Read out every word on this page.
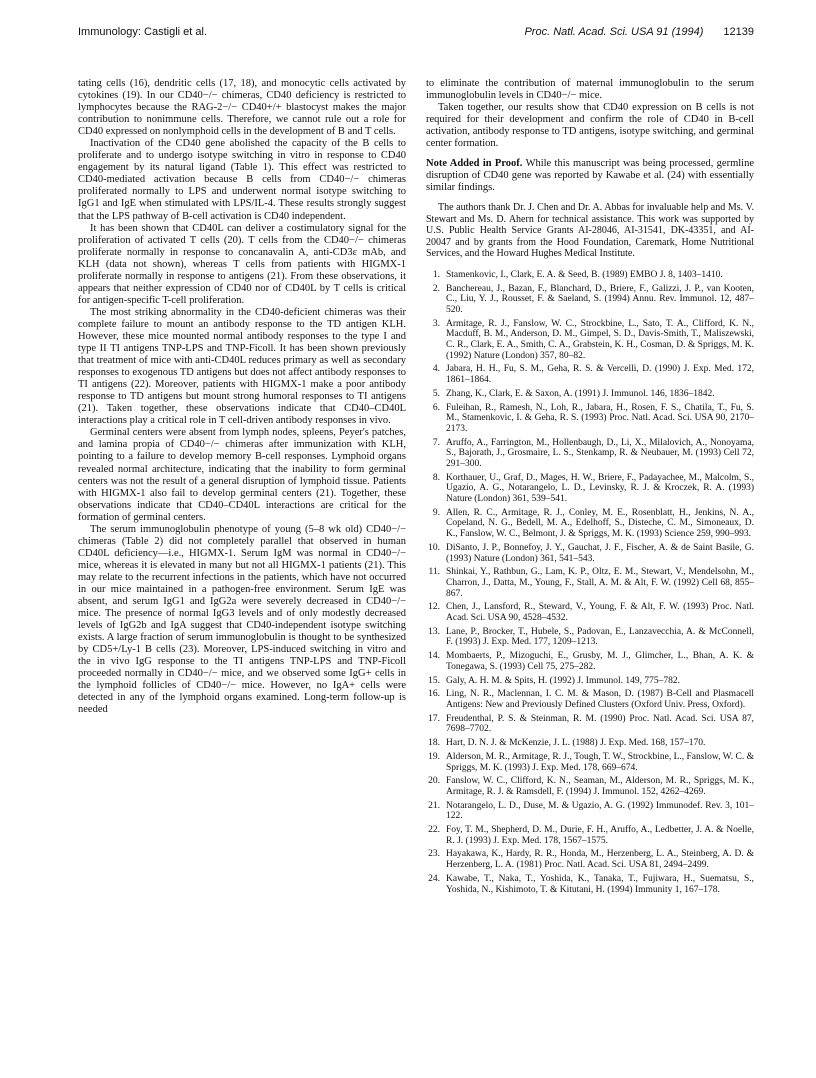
Immunology: Castigli et al.	Proc. Natl. Acad. Sci. USA 91 (1994) 12139

tating cells (16), dendritic cells (17, 18), and monocytic cells activated by cytokines (19). In our CD40−/− chimeras, CD40 deficiency is restricted to lymphocytes because the RAG-2−/− CD40+/+ blastocyst makes the major contribution to nonimmune cells. Therefore, we cannot rule out a role for CD40 expressed on nonlymphoid cells in the development of B and T cells.

Inactivation of the CD40 gene abolished the capacity of the B cells to proliferate and to undergo isotype switching in vitro in response to CD40 engagement by its natural ligand (Table 1). This effect was restricted to CD40-mediated activation because B cells from CD40−/− chimeras proliferated normally to LPS and underwent normal isotype switching to IgG1 and IgE when stimulated with LPS/IL-4. These results strongly suggest that the LPS pathway of B-cell activation is CD40 independent.

It has been shown that CD40L can deliver a costimulatory signal for the proliferation of activated T cells (20). T cells from the CD40−/− chimeras proliferate normally in response to concanavalin A, anti-CD3ε mAb, and KLH (data not shown), whereas T cells from patients with HIGMX-1 proliferate normally in response to antigens (21). From these observations, it appears that neither expression of CD40 nor of CD40L by T cells is critical for antigen-specific T-cell proliferation.

The most striking abnormality in the CD40-deficient chimeras was their complete failure to mount an antibody response to the TD antigen KLH. However, these mice mounted normal antibody responses to the type I and type II TI antigens TNP-LPS and TNP-Ficoll. It has been shown previously that treatment of mice with anti-CD40L reduces primary as well as secondary responses to exogenous TD antigens but does not affect antibody responses to TI antigens (22). Moreover, patients with HIGMX-1 make a poor antibody response to TD antigens but mount strong humoral responses to TI antigens (21). Taken together, these observations indicate that CD40–CD40L interactions play a critical role in T cell-driven antibody responses in vivo.

Germinal centers were absent from lymph nodes, spleens, Peyer's patches, and lamina propia of CD40−/− chimeras after immunization with KLH, pointing to a failure to develop memory B-cell responses. Lymphoid organs revealed normal architecture, indicating that the inability to form germinal centers was not the result of a general disruption of lymphoid tissue. Patients with HIGMX-1 also fail to develop germinal centers (21). Together, these observations indicate that CD40–CD40L interactions are critical for the formation of germinal centers.

The serum immunoglobulin phenotype of young (5–8 wk old) CD40−/− chimeras (Table 2) did not completely parallel that observed in human CD40L deficiency—i.e., HIGMX-1. Serum IgM was normal in CD40−/− mice, whereas it is elevated in many but not all HIGMX-1 patients (21). This may relate to the recurrent infections in the patients, which have not occurred in our mice maintained in a pathogen-free environment. Serum IgE was absent, and serum IgG1 and IgG2a were severely decreased in CD40−/− mice. The presence of normal IgG3 levels and of only modestly decreased levels of IgG2b and IgA suggest that CD40-independent isotype switching exists. A large fraction of serum immunoglobulin is thought to be synthesized by CD5+/Ly-1 B cells (23). Moreover, LPS-induced switching in vitro and the in vivo IgG response to the TI antigens TNP-LPS and TNP-Ficoll proceeded normally in CD40−/− mice, and we observed some IgG+ cells in the lymphoid follicles of CD40−/− mice. However, no IgA+ cells were detected in any of the lymphoid organs examined. Long-term follow-up is needed

to eliminate the contribution of maternal immunoglobulin to the serum immunoglobulin levels in CD40−/− mice.

Taken together, our results show that CD40 expression on B cells is not required for their development and confirm the role of CD40 in B-cell activation, antibody response to TD antigens, isotype switching, and germinal center formation.

Note Added in Proof. While this manuscript was being processed, germline disruption of CD40 gene was reported by Kawabe et al. (24) with essentially similar findings.

The authors thank Dr. J. Chen and Dr. A. Abbas for invaluable help and Ms. V. Stewart and Ms. D. Ahern for technical assistance. This work was supported by U.S. Public Health Service Grants AI-28046, AI-31541, DK-43351, and AI-20047 and by grants from the Hood Foundation, Caremark, Home Nutritional Services, and the Howard Hughes Medical Institute.

1. Stamenkovic, I., Clark, E. A. & Seed, B. (1989) EMBO J. 8, 1403–1410.
2. Banchereau, J., Bazan, F., Blanchard, D., Briere, F., Galizzi, J. P., van Kooten, C., Liu, Y. J., Rousset, F. & Saeland, S. (1994) Annu. Rev. Immunol. 12, 487–520.
3. Armitage, R. J., Fanslow, W. C., Strockbine, L., Sato, T. A., Clifford, K. N., Macduff, B. M., Anderson, D. M., Gimpel, S. D., Davis-Smith, T., Maliszewski, C. R., Clark, E. A., Smith, C. A., Grabstein, K. H., Cosman, D. & Spriggs, M. K. (1992) Nature (London) 357, 80–82.
4. Jabara, H. H., Fu, S. M., Geha, R. S. & Vercelli, D. (1990) J. Exp. Med. 172, 1861–1864.
5. Zhang, K., Clark, E. & Saxon, A. (1991) J. Immunol. 146, 1836–1842.
6. Fuleihan, R., Ramesh, N., Loh, R., Jabara, H., Rosen, F. S., Chatila, T., Fu, S. M., Stamenkovic, I. & Geha, R. S. (1993) Proc. Natl. Acad. Sci. USA 90, 2170–2173.
7. Aruffo, A., Farrington, M., Hollenbaugh, D., Li, X., Milalovich, A., Nonoyama, S., Bajorath, J., Grosmaire, L. S., Stenkamp, R. & Neubauer, M. (1993) Cell 72, 291–300.
8. Korthauer, U., Graf, D., Mages, H. W., Briere, F., Padayachee, M., Malcolm, S., Ugazio, A. G., Notarangelo, L. D., Levinsky, R. J. & Kroczek, R. A. (1993) Nature (London) 361, 539–541.
9. Allen, R. C., Armitage, R. J., Conley, M. E., Rosenblatt, H., Jenkins, N. A., Copeland, N. G., Bedell, M. A., Edelhoff, S., Disteche, C. M., Simoneaux, D. K., Fanslow, W. C., Belmont, J. & Spriggs, M. K. (1993) Science 259, 990–993.
10. DiSanto, J. P., Bonnefoy, J. Y., Gauchat, J. F., Fischer, A. & de Saint Basile, G. (1993) Nature (London) 361, 541–543.
11. Shinkai, Y., Rathbun, G., Lam, K. P., Oltz, E. M., Stewart, V., Mendelsohn, M., Charron, J., Datta, M., Young, F., Stall, A. M. & Alt, F. W. (1992) Cell 68, 855–867.
12. Chen, J., Lansford, R., Steward, V., Young, F. & Alt, F. W. (1993) Proc. Natl. Acad. Sci. USA 90, 4528–4532.
13. Lane, P., Brocker, T., Hubele, S., Padovan, E., Lanzavecchia, A. & McConnell, F. (1993) J. Exp. Med. 177, 1209–1213.
14. Mombaerts, P., Mizoguchi, E., Grusby, M. J., Glimcher, L., Bhan, A. K. & Tonegawa, S. (1993) Cell 75, 275–282.
15. Galy, A. H. M. & Spits, H. (1992) J. Immunol. 149, 775–782.
16. Ling, N. R., Maclennan, I. C. M. & Mason, D. (1987) B-Cell and Plasmacell Antigens: New and Previously Defined Clusters (Oxford Univ. Press, Oxford).
17. Freudenthal, P. S. & Steinman, R. M. (1990) Proc. Natl. Acad. Sci. USA 87, 7698–7702.
18. Hart, D. N. J. & McKenzie, J. L. (1988) J. Exp. Med. 168, 157–170.
19. Alderson, M. R., Armitage, R. J., Tough, T. W., Strockbine, L., Fanslow, W. C. & Spriggs, M. K. (1993) J. Exp. Med. 178, 669–674.
20. Fanslow, W. C., Clifford, K. N., Seaman, M., Alderson, M. R., Spriggs, M. K., Armitage, R. J. & Ramsdell, F. (1994) J. Immunol. 152, 4262–4269.
21. Notarangelo, L. D., Duse, M. & Ugazio, A. G. (1992) Immunodef. Rev. 3, 101–122.
22. Foy, T. M., Shepherd, D. M., Durie, F. H., Aruffo, A., Ledbetter, J. A. & Noelle, R. J. (1993) J. Exp. Med. 178, 1567–1575.
23. Hayakawa, K., Hardy, R. R., Honda, M., Herzenberg, L. A., Steinberg, A. D. & Herzenberg, L. A. (1981) Proc. Natl. Acad. Sci. USA 81, 2494–2499.
24. Kawabe, T., Naka, T., Yoshida, K., Tanaka, T., Fujiwara, H., Suematsu, S., Yoshida, N., Kishimoto, T. & Kitutani, H. (1994) Immunity 1, 167–178.
